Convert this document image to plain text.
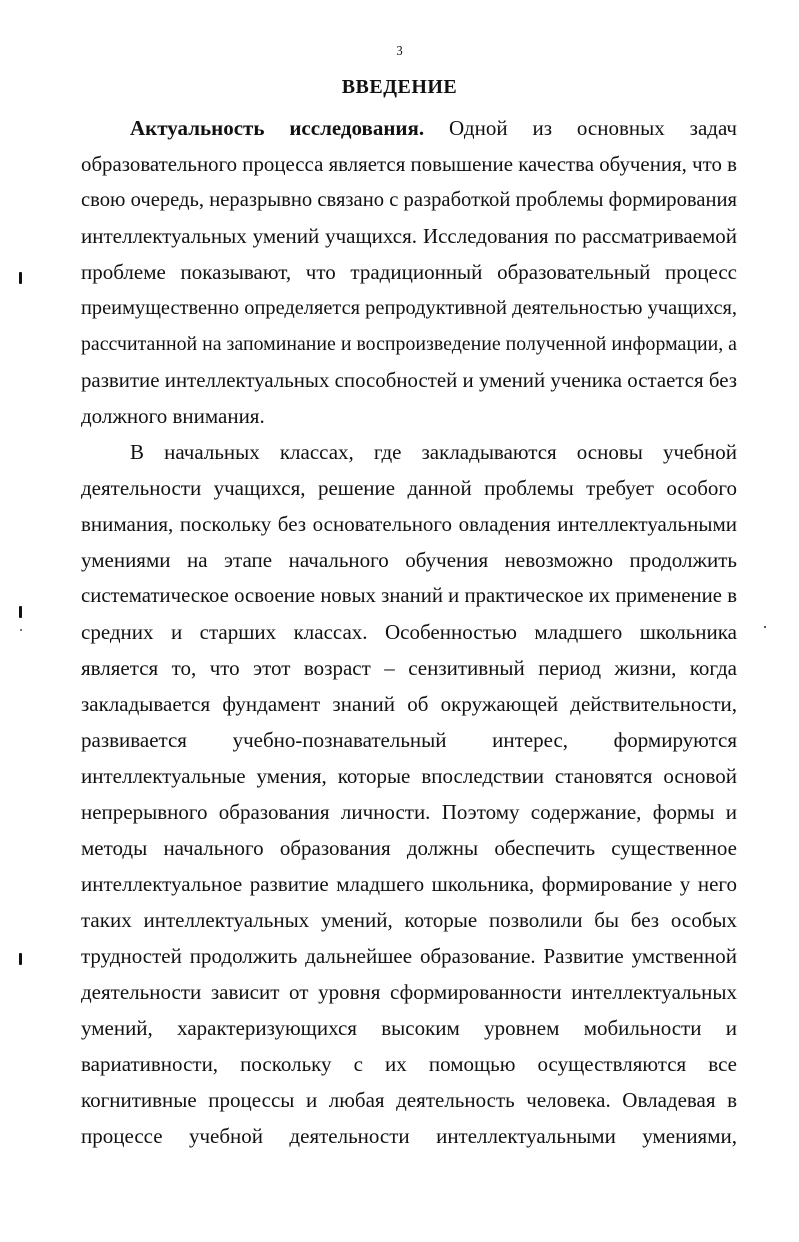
3
ВВЕДЕНИЕ
Актуальность исследования. Одной из основных задач
образовательного процесса является повышение качества обучения, что в
свою очередь, неразрывно связано с разработкой проблемы формирования
интеллектуальных умений учащихся. Исследования по рассматриваемой
проблеме показывают, что традиционный образовательный процесс
преимущественно определяется репродуктивной деятельностью учащихся,
рассчитанной на запоминание и воспроизведение полученной информации, а
развитие интеллектуальных способностей и умений ученика остается без
должного внимания.
В начальных классах, где закладываются основы учебной
деятельности учащихся, решение данной проблемы требует особого
внимания, поскольку без основательного овладения интеллектуальными
умениями на этапе начального обучения невозможно продолжить
систематическое освоение новых знаний и практическое их применение в
средних и старших классах. Особенностью младшего школьника
является то, что этот возраст – сензитивный период жизни, когда
закладывается фундамент знаний об окружающей действительности,
развивается учебно-познавательный интерес, формируются
интеллектуальные умения, которые впоследствии становятся основой
непрерывного образования личности. Поэтому содержание, формы и
методы начального образования должны обеспечить существенное
интеллектуальное развитие младшего школьника, формирование у него
таких интеллектуальных умений, которые позволили бы без особых
трудностей продолжить дальнейшее образование. Развитие умственной
деятельности зависит от уровня сформированности интеллектуальных
умений, характеризующихся высоким уровнем мобильности и
вариативности, поскольку с их помощью осуществляются все
когнитивные процессы и любая деятельность человека. Овладевая в
процессе учебной деятельности интеллектуальными умениями,
